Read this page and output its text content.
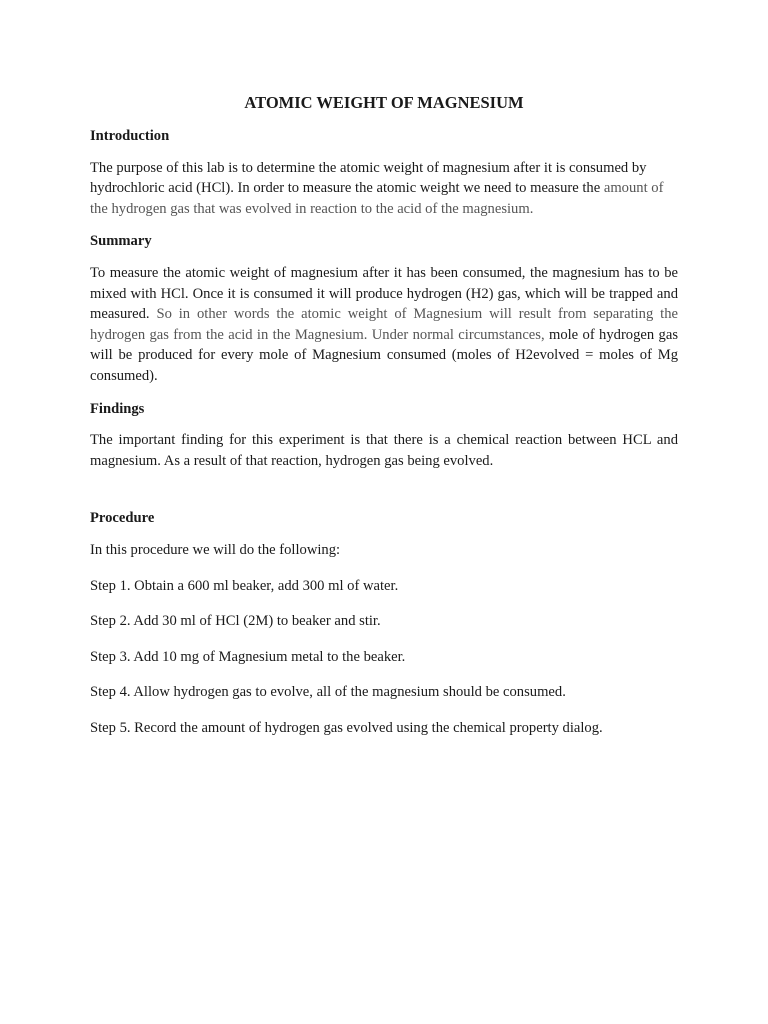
ATOMIC WEIGHT OF MAGNESIUM
Introduction

The purpose of this lab is to determine the atomic weight of magnesium after it is consumed by hydrochloric acid (HCl). In order to measure the atomic weight we need to measure the amount of the hydrogen gas that was evolved in reaction to the acid of the magnesium.

Summary

To measure the atomic weight of magnesium after it has been consumed, the magnesium has to be mixed with HCl. Once it is consumed it will produce hydrogen (H2) gas, which will be trapped and measured. So in other words the atomic weight of Magnesium will result from separating the hydrogen gas from the acid in the Magnesium. Under normal circumstances, mole of hydrogen gas will be produced for every mole of Magnesium consumed (moles of H2evolved = moles of Mg consumed).

Findings

The important finding for this experiment is that there is a chemical reaction between HCL and magnesium. As a result of that reaction, hydrogen gas being evolved.

Procedure

In this procedure we will do the following:

Step 1. Obtain a 600 ml beaker, add 300 ml of water.

Step 2. Add 30 ml of HCl (2M) to beaker and stir.

Step 3. Add 10 mg of Magnesium metal to the beaker.

Step 4. Allow hydrogen gas to evolve, all of the magnesium should be consumed.

Step 5. Record the amount of hydrogen gas evolved using the chemical property dialog.
